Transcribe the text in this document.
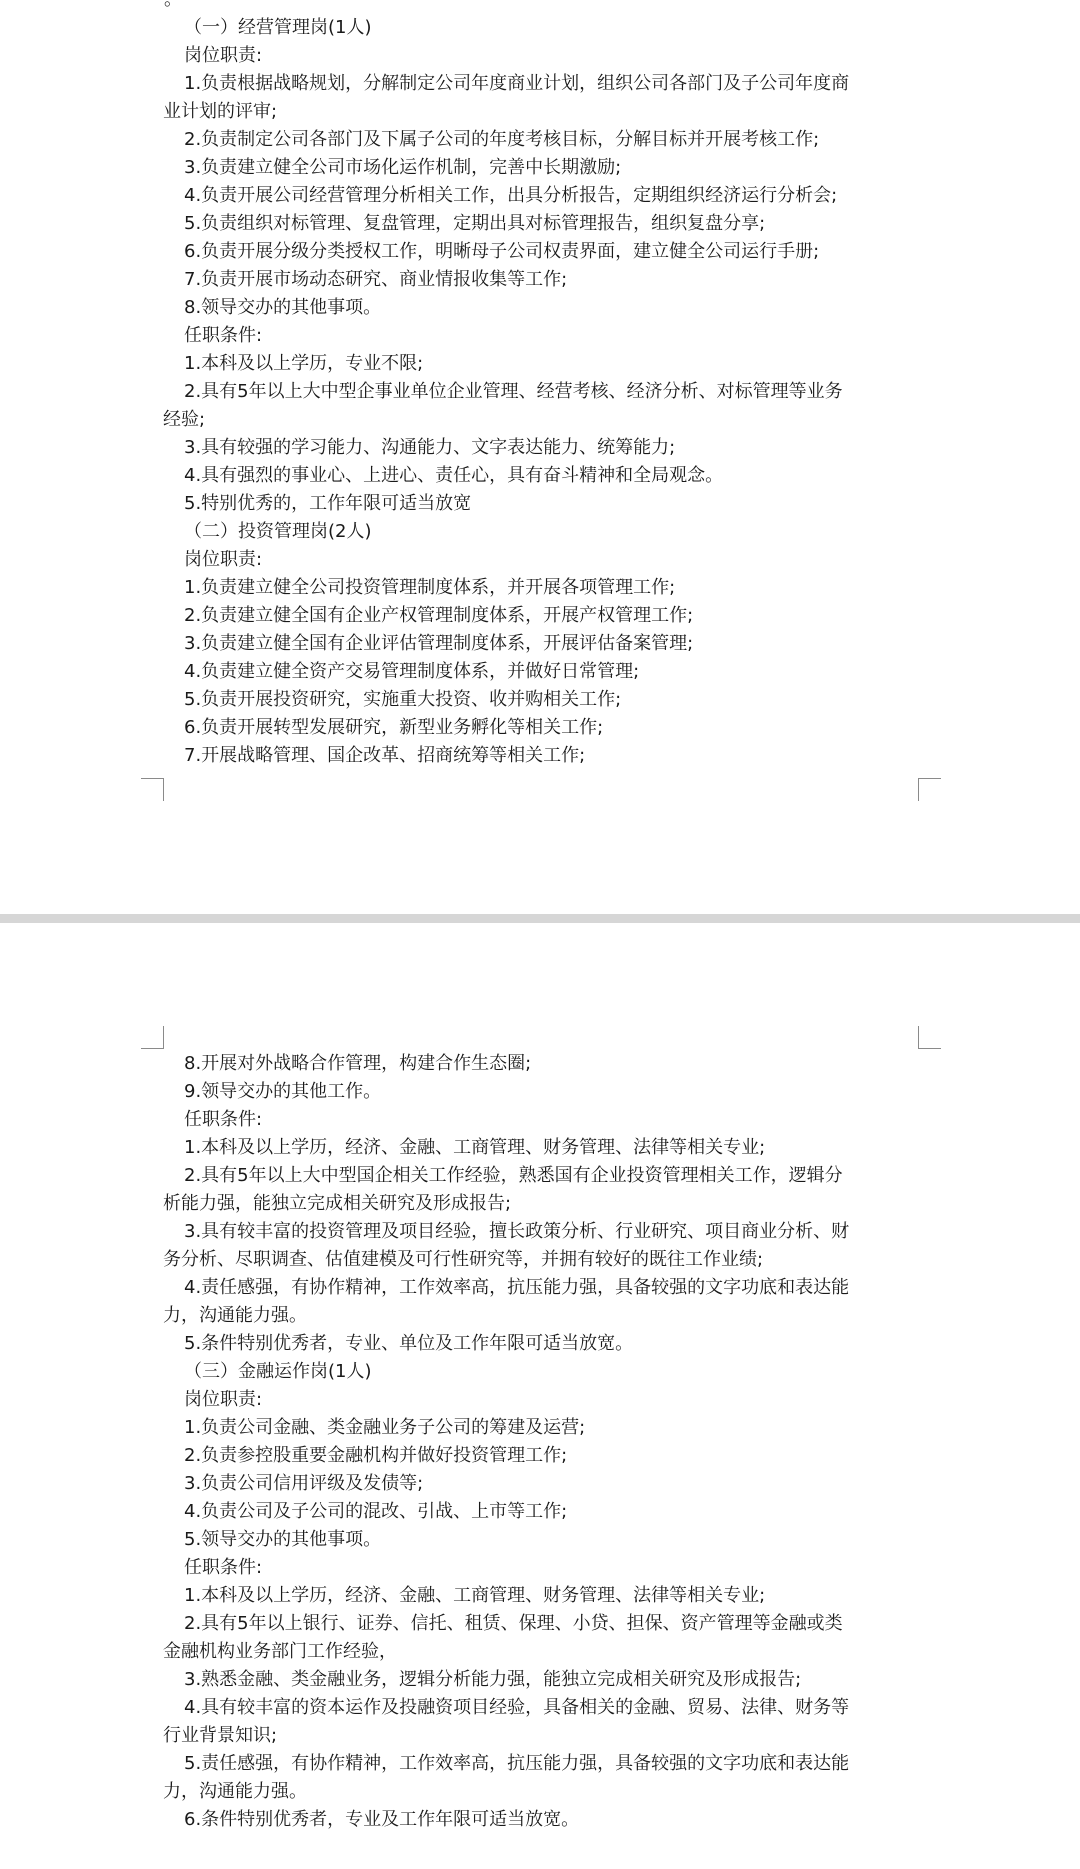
（一）经营管理岗(1人)
岗位职责:
1.负责根据战略规划，分解制定公司年度商业计划，组织公司各部门及子公司年度商
业计划的评审;
2.负责制定公司各部门及下属子公司的年度考核目标，分解目标并开展考核工作;
3.负责建立健全公司市场化运作机制，完善中长期激励;
4.负责开展公司经营管理分析相关工作，出具分析报告，定期组织经济运行分析会;
5.负责组织对标管理、复盘管理，定期出具对标管理报告，组织复盘分享;
6.负责开展分级分类授权工作，明晰母子公司权责界面，建立健全公司运行手册;
7.负责开展市场动态研究、商业情报收集等工作;
8.领导交办的其他事项。
任职条件:
1.本科及以上学历，专业不限;
2.具有5年以上大中型企事业单位企业管理、经营考核、经济分析、对标管理等业务
经验;
3.具有较强的学习能力、沟通能力、文字表达能力、统筹能力;
4.具有强烈的事业心、上进心、责任心，具有奋斗精神和全局观念。
5.特别优秀的，工作年限可适当放宽
（二）投资管理岗(2人)
岗位职责:
1.负责建立健全公司投资管理制度体系，并开展各项管理工作;
2.负责建立健全国有企业产权管理制度体系，开展产权管理工作;
3.负责建立健全国有企业评估管理制度体系，开展评估备案管理;
4.负责建立健全资产交易管理制度体系，并做好日常管理;
5.负责开展投资研究，实施重大投资、收并购相关工作;
6.负责开展转型发展研究，新型业务孵化等相关工作;
7.开展战略管理、国企改革、招商统筹等相关工作;
8.开展对外战略合作管理，构建合作生态圈;
9.领导交办的其他工作。
任职条件:
1.本科及以上学历，经济、金融、工商管理、财务管理、法律等相关专业;
2.具有5年以上大中型国企相关工作经验，熟悉国有企业投资管理相关工作，逻辑分
析能力强，能独立完成相关研究及形成报告;
3.具有较丰富的投资管理及项目经验，擅长政策分析、行业研究、项目商业分析、财
务分析、尽职调查、估值建模及可行性研究等，并拥有较好的既往工作业绩;
4.责任感强，有协作精神，工作效率高，抗压能力强，具备较强的文字功底和表达能
力，沟通能力强。
5.条件特别优秀者，专业、单位及工作年限可适当放宽。
（三）金融运作岗(1人)
岗位职责:
1.负责公司金融、类金融业务子公司的筹建及运营;
2.负责参控股重要金融机构并做好投资管理工作;
3.负责公司信用评级及发债等;
4.负责公司及子公司的混改、引战、上市等工作;
5.领导交办的其他事项。
任职条件:
1.本科及以上学历，经济、金融、工商管理、财务管理、法律等相关专业;
2.具有5年以上银行、证券、信托、租赁、保理、小贷、担保、资产管理等金融或类
金融机构业务部门工作经验，
3.熟悉金融、类金融业务，逻辑分析能力强，能独立完成相关研究及形成报告;
4.具有较丰富的资本运作及投融资项目经验，具备相关的金融、贸易、法律、财务等
行业背景知识;
5.责任感强，有协作精神，工作效率高，抗压能力强，具备较强的文字功底和表达能
力，沟通能力强。
6.条件特别优秀者，专业及工作年限可适当放宽。
